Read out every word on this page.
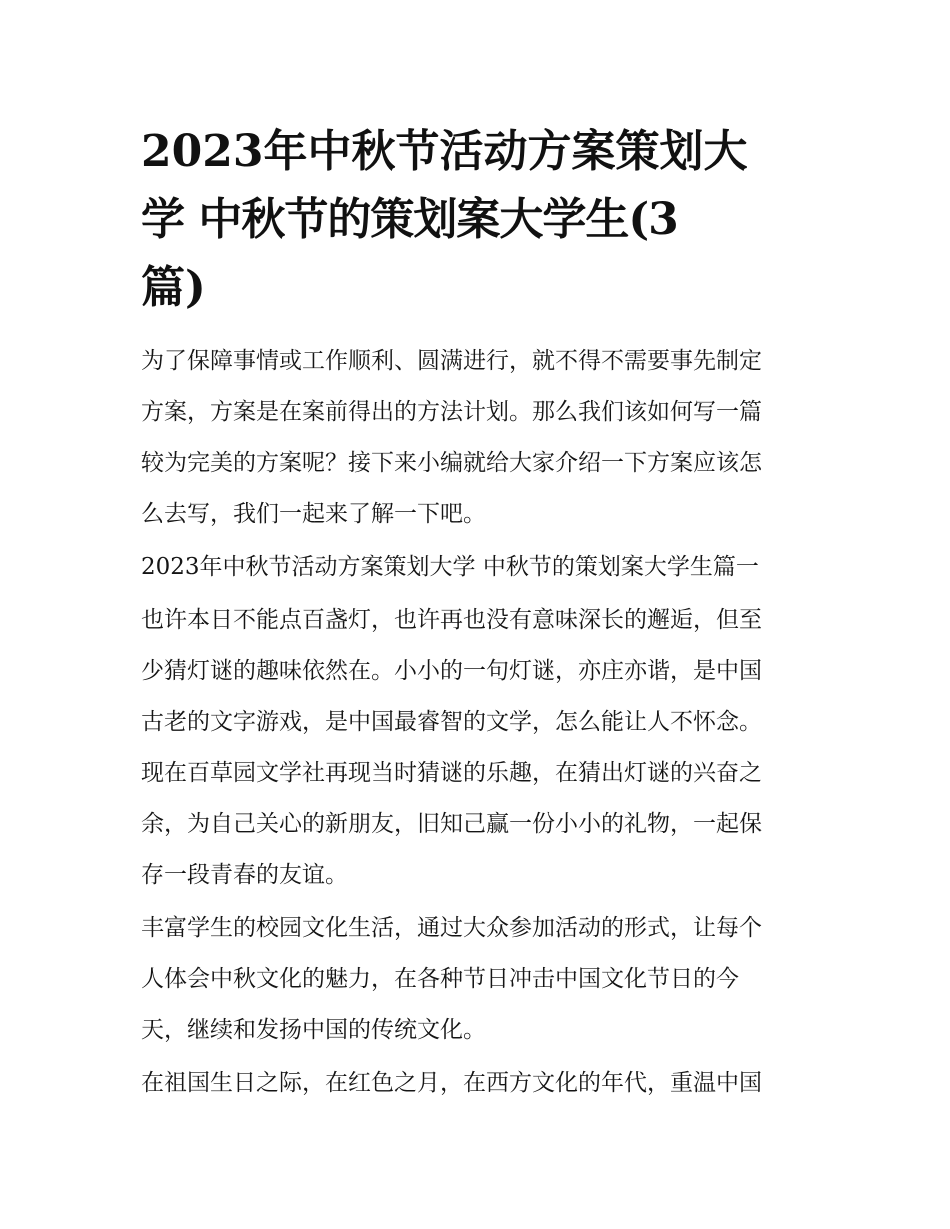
2023年中秋节活动方案策划大
学 中秋节的策划案大学生(3
篇)

为了保障事情或工作顺利、圆满进行，就不得不需要事先制定
方案，方案是在案前得出的方法计划。那么我们该如何写一篇
较为完美的方案呢？接下来小编就给大家介绍一下方案应该怎
么去写，我们一起来了解一下吧。

2023年中秋节活动方案策划大学 中秋节的策划案大学生篇一

也许本日不能点百盏灯，也许再也没有意味深长的邂逅，但至
少猜灯谜的趣味依然在。小小的一句灯谜，亦庄亦谐，是中国
古老的文字游戏，是中国最睿智的文学，怎么能让人不怀念。
现在百草园文学社再现当时猜谜的乐趣，在猜出灯谜的兴奋之
余，为自己关心的新朋友，旧知己赢一份小小的礼物，一起保
存一段青春的友谊。

丰富学生的校园文化生活，通过大众参加活动的形式，让每个
人体会中秋文化的魅力，在各种节日冲击中国文化节日的今
天，继续和发扬中国的传统文化。

在祖国生日之际，在红色之月，在西方文化的年代，重温中国
